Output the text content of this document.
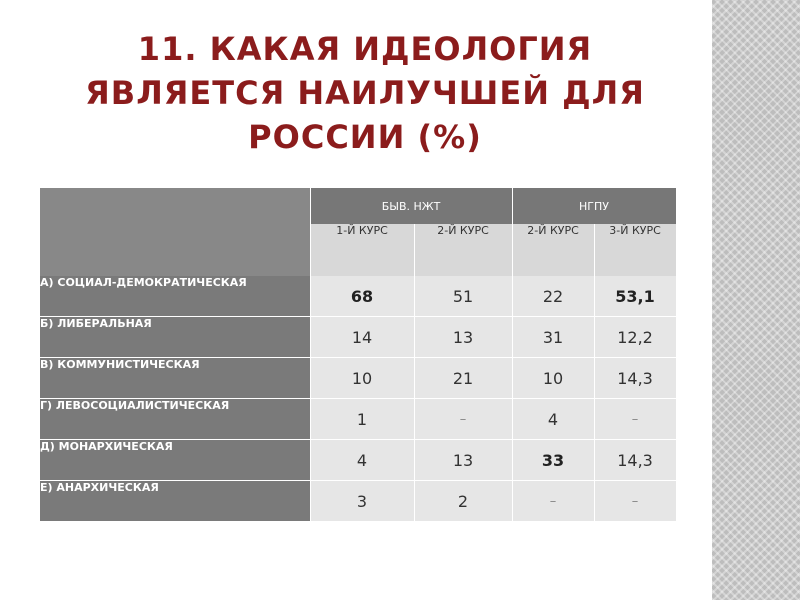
11. КАКАЯ ИДЕОЛОГИЯ
ЯВЛЯЕТСЯ НАИЛУЧШЕЙ ДЛЯ
РОССИИ (%)
	БЫВ. НЖТ		НГПУ	
	1-Й КУРС	2-Й КУРС	2-Й КУРС	3-Й КУРС
А) СОЦИАЛ-ДЕМОКРАТИЧЕСКАЯ	68	51	22	53,1
Б) ЛИБЕРАЛЬНАЯ	14	13	31	12,2
В) КОММУНИСТИЧЕСКАЯ	10	21	10	14,3
Г) ЛЕВОСОЦИАЛИСТИЧЕСКАЯ	1	–	4	–
Д) МОНАРХИЧЕСКАЯ	4	13	33	14,3
Е) АНАРХИЧЕСКАЯ	3	2	–	–
